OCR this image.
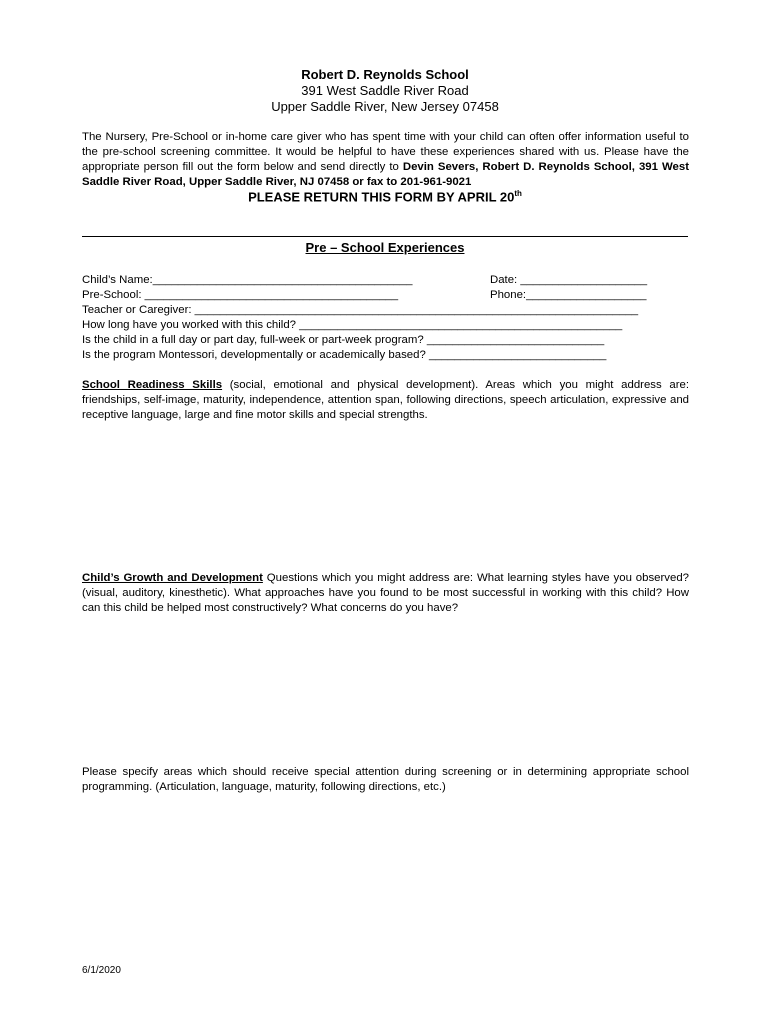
Robert D. Reynolds School
391 West Saddle River Road
Upper Saddle River, New Jersey 07458
The Nursery, Pre-School or in-home care giver who has spent time with your child can often offer information useful to the pre-school screening committee. It would be helpful to have these experiences shared with us. Please have the appropriate person fill out the form below and send directly to Devin Severs, Robert D. Reynolds School, 391 West Saddle River Road, Upper Saddle River, NJ 07458 or fax to 201-961-9021
PLEASE RETURN THIS FORM BY APRIL 20th
Pre – School Experiences
Child’s Name:_________________________________________	Date: ____________________
Pre-School: ________________________________________	Phone:___________________
Teacher or Caregiver: ______________________________________________________________________
How long have you worked with this child? ___________________________________________________
Is the child in a full day or part day, full-week or part-week program? ____________________________
Is the program Montessori, developmentally or academically based? ____________________________
School Readiness Skills (social, emotional and physical development). Areas which you might address are: friendships, self-image, maturity, independence, attention span, following directions, speech articulation, expressive and receptive language, large and fine motor skills and special strengths.
Child’s Growth and Development Questions which you might address are: What learning styles have you observed? (visual, auditory, kinesthetic). What approaches have you found to be most successful in working with this child? How can this child be helped most constructively? What concerns do you have?
Please specify areas which should receive special attention during screening or in determining appropriate school programming. (Articulation, language, maturity, following directions, etc.)
6/1/2020
